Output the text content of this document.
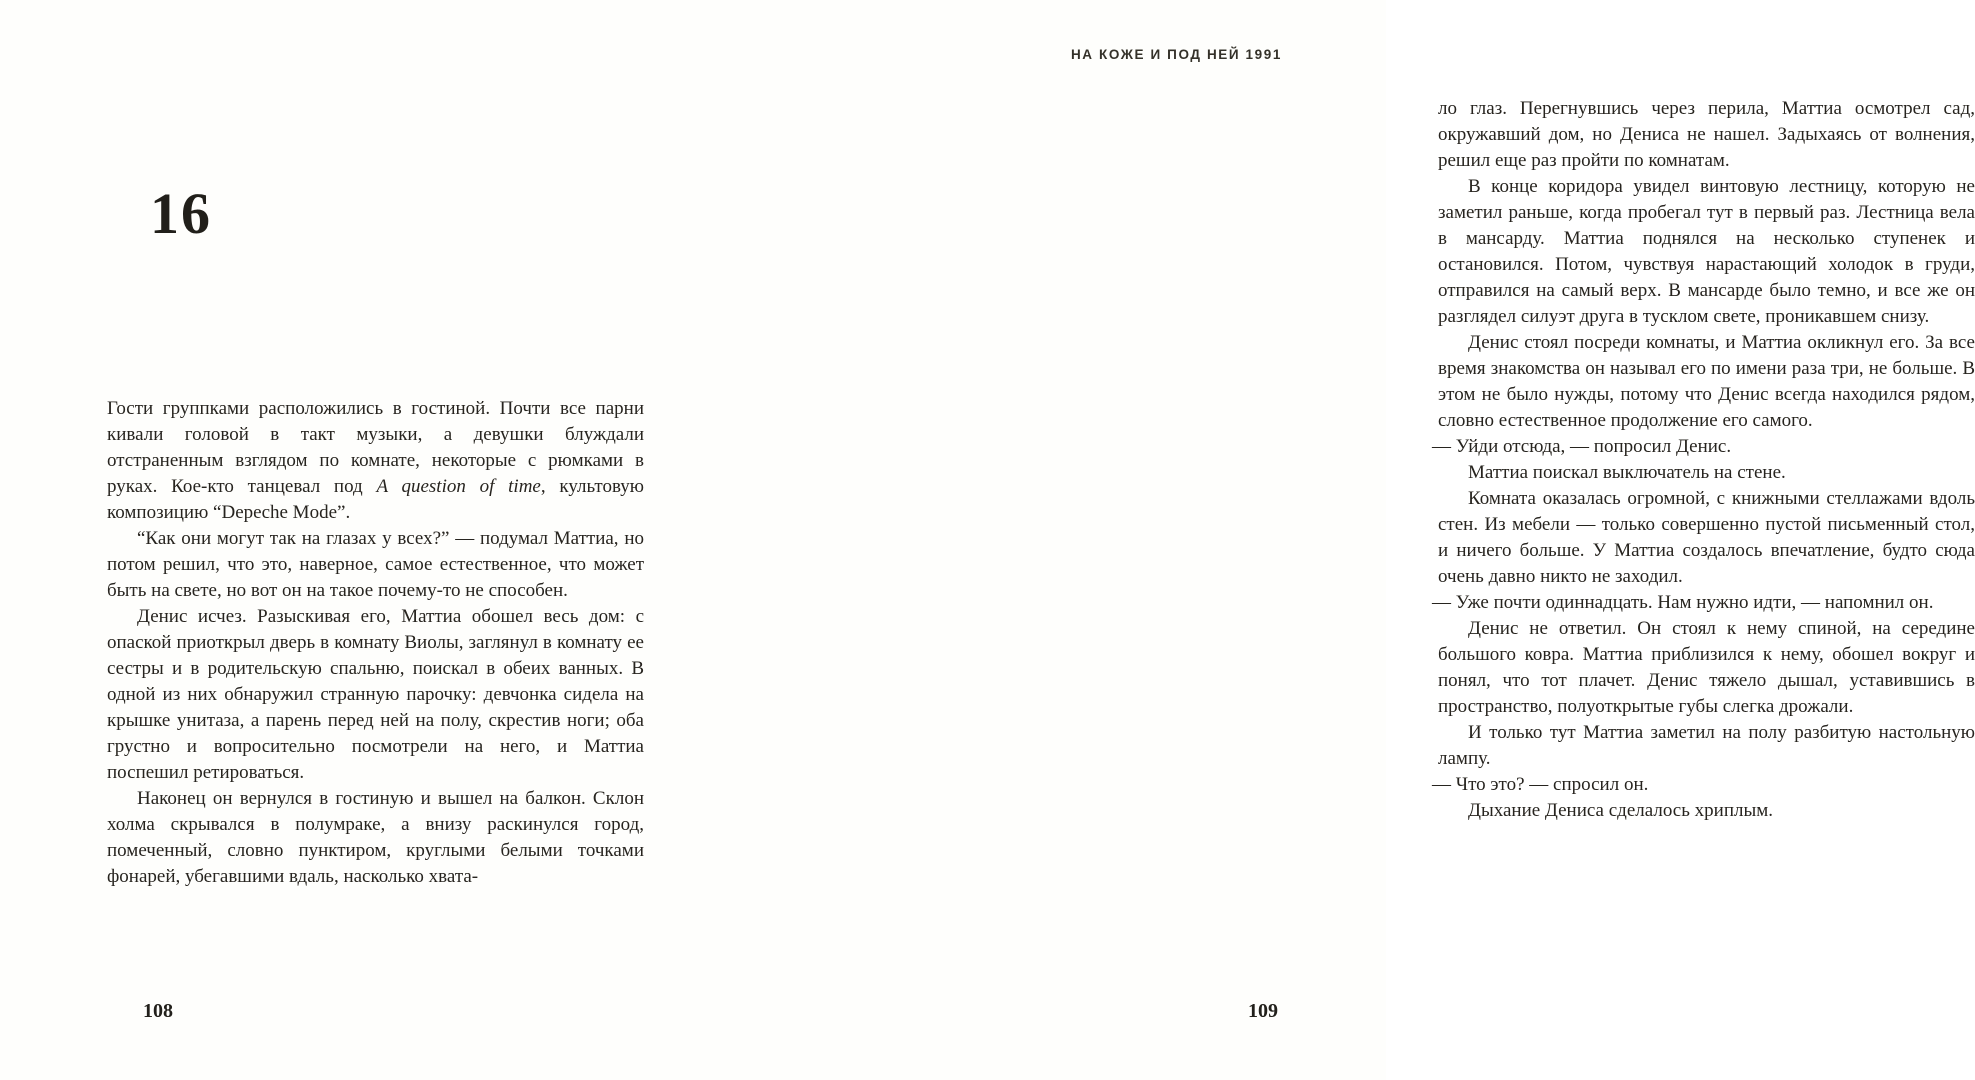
16

Гости группками расположились в гостиной. Почти все парни кивали головой в такт музыки, а девушки блуждали отстраненным взглядом по комнате, некоторые с рюмками в руках. Кое-кто танцевал под A question of time, культовую композицию “Depeche Mode”.

“Как они могут так на глазах у всех?” — подумал Маттиа, но потом решил, что это, наверное, самое естественное, что может быть на свете, но вот он на такое почему-то не способен.

Денис исчез. Разыскивая его, Маттиа обошел весь дом: с опаской приоткрыл дверь в комнату Виолы, заглянул в комнату ее сестры и в родительскую спальню, поискал в обеих ванных. В одной из них обнаружил странную парочку: девчонка сидела на крышке унитаза, а парень перед ней на полу, скрестив ноги; оба грустно и вопросительно посмотрели на него, и Маттиа поспешил ретироваться.

Наконец он вернулся в гостиную и вышел на балкон. Склон холма скрывался в полумраке, а внизу раскинулся город, помеченный, словно пунктиром, круглыми белыми точками фонарей, убегавшими вдаль, насколько хвата-

108
НА КОЖЕ И ПОД НЕЙ 1991

ло глаз. Перегнувшись через перила, Маттиа осмотрел сад, окружавший дом, но Дениса не нашел. Задыхаясь от волнения, решил еще раз пройти по комнатам.

В конце коридора увидел винтовую лестницу, которую не заметил раньше, когда пробегал тут в первый раз. Лестница вела в мансарду. Маттиа поднялся на несколько ступенек и остановился. Потом, чувствуя нарастающий холодок в груди, отправился на самый верх. В мансарде было темно, и все же он разглядел силуэт друга в тусклом свете, проникавшем снизу.

Денис стоял посреди комнаты, и Маттиа окликнул его. За все время знакомства он называл его по имени раза три, не больше. В этом не было нужды, потому что Денис всегда находился рядом, словно естественное продолжение его самого.

— Уйди отсюда, — попросил Денис.

Маттиа поискал выключатель на стене.

Комната оказалась огромной, с книжными стеллажами вдоль стен. Из мебели — только совершенно пустой письменный стол, и ничего больше. У Маттиа создалось впечатление, будто сюда очень давно никто не заходил.

— Уже почти одиннадцать. Нам нужно идти, — напомнил он.

Денис не ответил. Он стоял к нему спиной, на середине большого ковра. Маттиа приблизился к нему, обошел вокруг и понял, что тот плачет. Денис тяжело дышал, уставившись в пространство, полуоткрытые губы слегка дрожали.

И только тут Маттиа заметил на полу разбитую настольную лампу.

— Что это? — спросил он.

Дыхание Дениса сделалось хриплым.

109
